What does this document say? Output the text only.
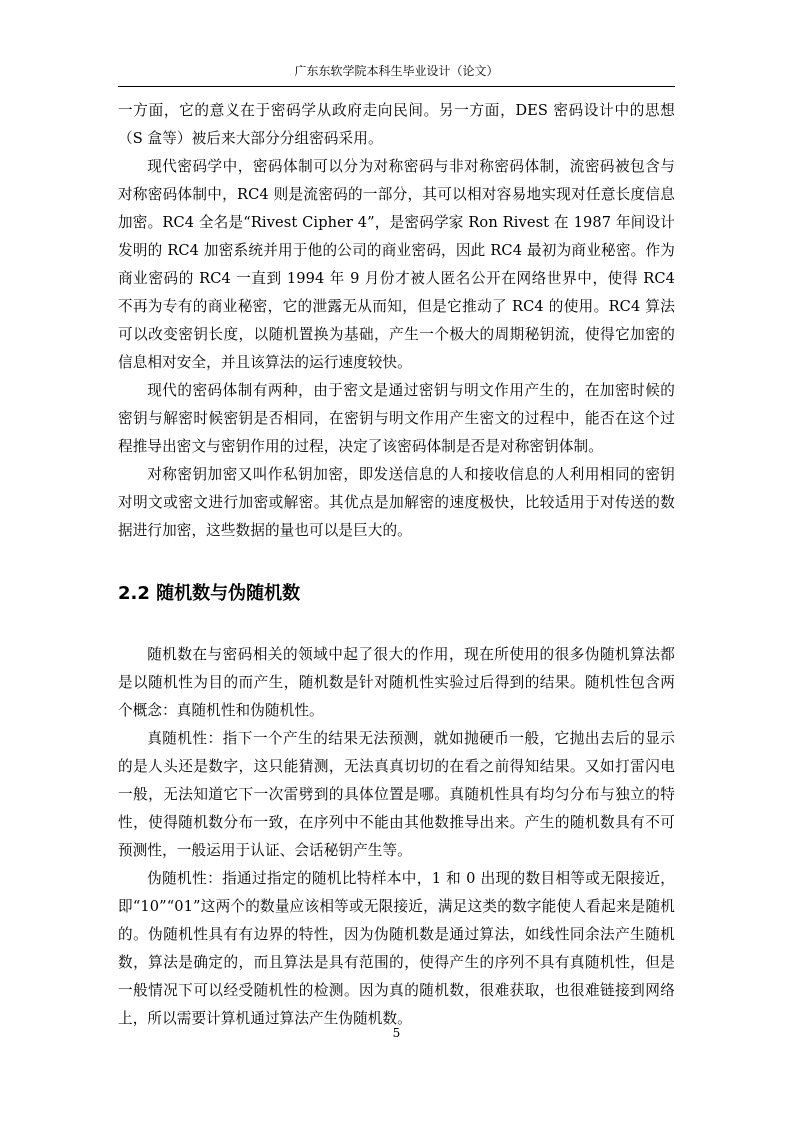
广东东软学院本科生毕业设计（论文）

一方面，它的意义在于密码学从政府走向民间。另一方面，DES 密码设计中的思想（S 盒等）被后来大部分分组密码采用。

现代密码学中，密码体制可以分为对称密码与非对称密码体制，流密码被包含与对称密码体制中，RC4 则是流密码的一部分，其可以相对容易地实现对任意长度信息加密。RC4 全名是“Rivest Cipher 4”，是密码学家 Ron Rivest 在 1987 年间设计发明的 RC4 加密系统并用于他的公司的商业密码，因此 RC4 最初为商业秘密。作为商业密码的 RC4 一直到 1994 年 9 月份才被人匿名公开在网络世界中，使得 RC4 不再为专有的商业秘密，它的泄露无从而知，但是它推动了 RC4 的使用。RC4 算法可以改变密钥长度，以随机置换为基础，产生一个极大的周期秘钥流，使得它加密的信息相对安全，并且该算法的运行速度较快。

现代的密码体制有两种，由于密文是通过密钥与明文作用产生的，在加密时候的密钥与解密时候密钥是否相同，在密钥与明文作用产生密文的过程中，能否在这个过程推导出密文与密钥作用的过程，决定了该密码体制是否是对称密钥体制。

对称密钥加密又叫作私钥加密，即发送信息的人和接收信息的人利用相同的密钥对明文或密文进行加密或解密。其优点是加解密的速度极快，比较适用于对传送的数据进行加密，这些数据的量也可以是巨大的。

2.2 随机数与伪随机数

随机数在与密码相关的领域中起了很大的作用，现在所使用的很多伪随机算法都是以随机性为目的而产生，随机数是针对随机性实验过后得到的结果。随机性包含两个概念：真随机性和伪随机性。

真随机性：指下一个产生的结果无法预测，就如抛硬币一般，它抛出去后的显示的是人头还是数字，这只能猜测，无法真真切切的在看之前得知结果。又如打雷闪电一般，无法知道它下一次雷劈到的具体位置是哪。真随机性具有均匀分布与独立的特性，使得随机数分布一致，在序列中不能由其他数推导出来。产生的随机数具有不可预测性，一般运用于认证、会话秘钥产生等。

伪随机性：指通过指定的随机比特样本中，1 和 0 出现的数目相等或无限接近，即“10”“01”这两个的数量应该相等或无限接近，满足这类的数字能使人看起来是随机的。伪随机性具有有边界的特性，因为伪随机数是通过算法，如线性同余法产生随机数，算法是确定的，而且算法是具有范围的，使得产生的序列不具有真随机性，但是一般情况下可以经受随机性的检测。因为真的随机数，很难获取，也很难链接到网络上，所以需要计算机通过算法产生伪随机数。

5
